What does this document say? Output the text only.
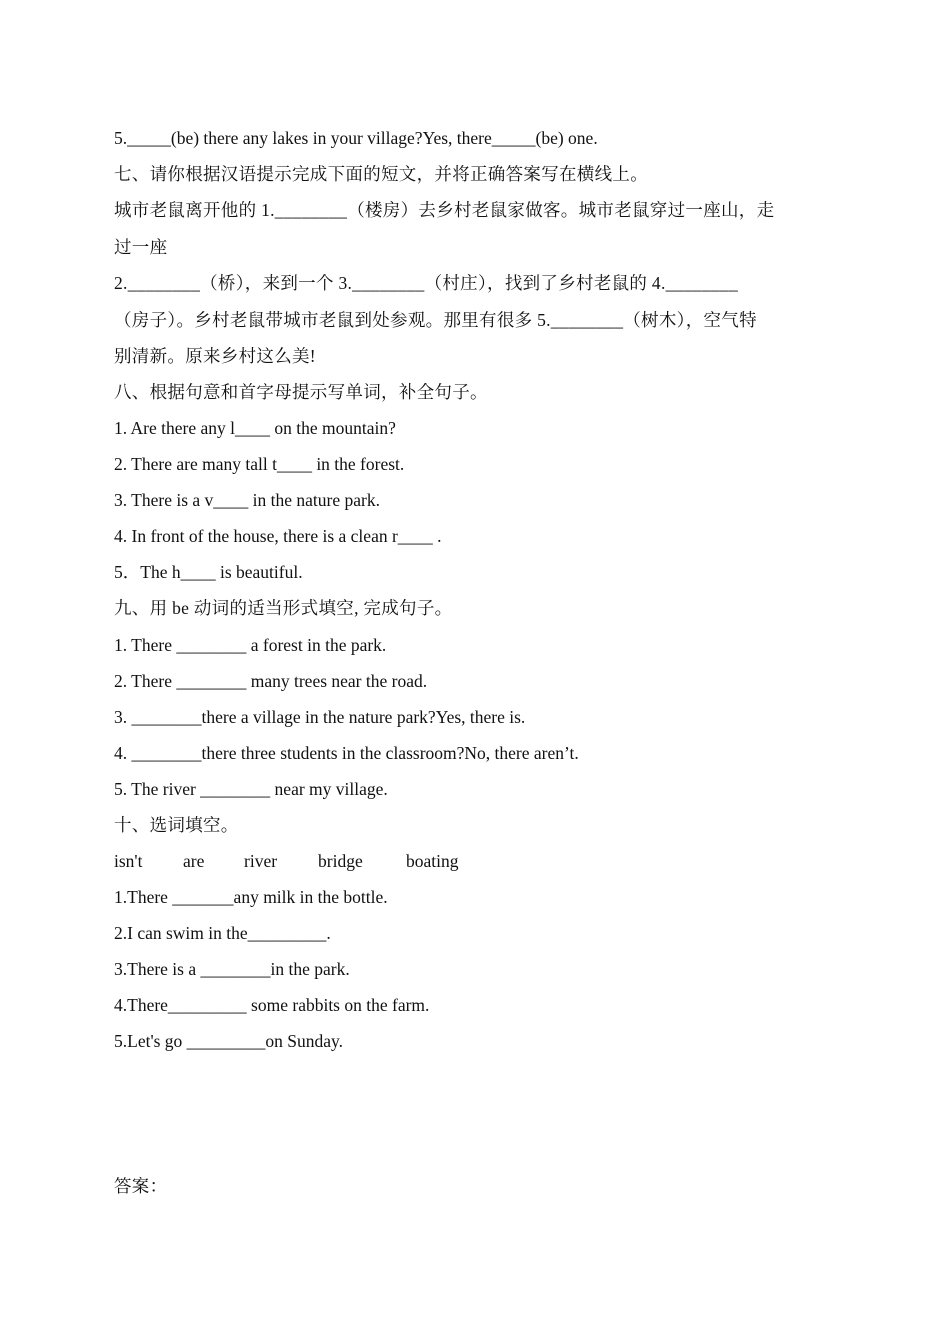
5._____(be) there any lakes in your village?Yes, there_____(be) one.
七、请你根据汉语提示完成下面的短文，并将正确答案写在横线上。
城市老鼠离开他的 1.________（楼房）去乡村老鼠家做客。城市老鼠穿过一座山，走
过一座
2.________（桥），来到一个 3.________（村庄），找到了乡村老鼠的 4.________
（房子）。乡村老鼠带城市老鼠到处参观。那里有很多 5.________（树木），空气特
别清新。原来乡村这么美!
八、根据句意和首字母提示写单词，补全句子。
1. Are there any l____ on the mountain?
2. There are many tall t____ in the forest.
3. There is a v____ in the nature park.
4. In front of the house, there is a clean r____ .
5．The h____ is beautiful.
九、用 be 动词的适当形式填空, 完成句子。
1. There ________ a forest in the park.
2. There ________ many trees near the road.
3. ________there a village in the nature park?Yes, there is.
4. ________there three students in the classroom?No, there aren’t.
5. The river ________ near my village.
十、选词填空。
isn't are river bridge boating
1.There _______any milk in the bottle.
2.I can swim in the_________.
3.There is a ________in the park.
4.There_________ some rabbits on the farm.
5.Let's go _________on Sunday.
答案：
